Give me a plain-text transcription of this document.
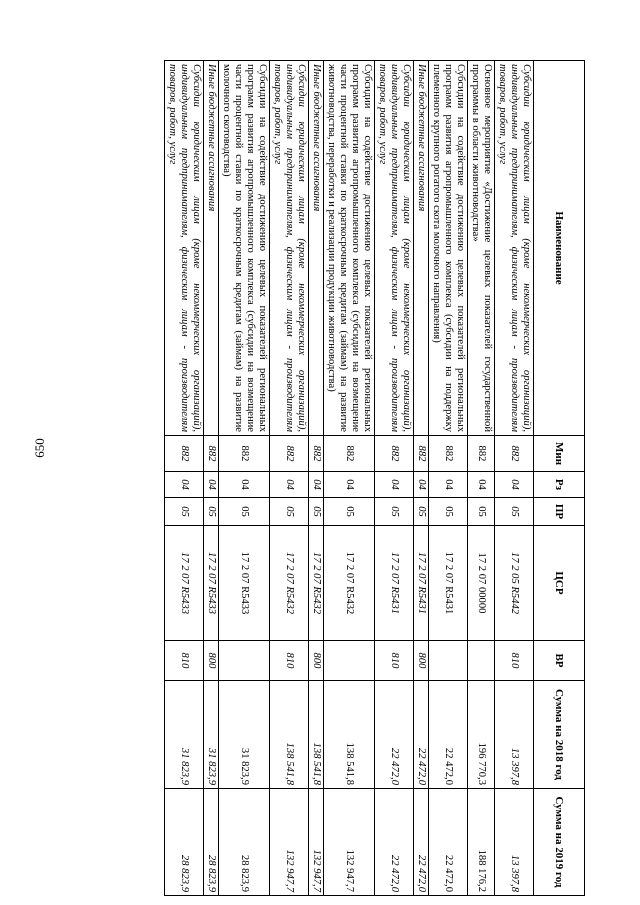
650
Наименование	Мин	Рз	ПР	ЦСР	ВР	Сумма на 2018 год	Сумма на 2019 год
Субсидии юридическим лицам (кроме некоммерческих организаций), индивидуальным предпринимателям, физическим лицам - производителям товаров, работ, услуг	882	04	05	17 2 05 R5442	810	13 397,8	13 397,8
Основное мероприятие «Достижение целевых показателей государственной программы в области животноводства»	882	04	05	17 2 07 00000		196 770,3	188 176,2
Субсидии на содействие достижению целевых показателей региональных программ развития агропромышленного комплекса (субсидии на поддержку племенного крупного рогатого скота молочного направления)	882	04	05	17 2 07 R5431		22 472,0	22 472,0
Иные бюджетные ассигнования	882	04	05	17 2 07 R5431	800	22 472,0	22 472,0
Субсидии юридическим лицам (кроме некоммерческих организаций), индивидуальным предпринимателям, физическим лицам - производителям товаров, работ, услуг	882	04	05	17 2 07 R5431	810	22 472,0	22 472,0
Субсидии на содействие достижению целевых показателей региональных программ развития агропромышленного комплекса (субсидии на возмещение части процентной ставки по краткосрочным кредитам (займам) на развитие животноводства, переработки и реализации продукции животноводства)	882	04	05	17 2 07 R5432		138 541,8	132 947,7
Иные бюджетные ассигнования	882	04	05	17 2 07 R5432	800	138 541,8	132 947,7
Субсидии юридическим лицам (кроме некоммерческих организаций), индивидуальным предпринимателям, физическим лицам - производителям товаров, работ, услуг	882	04	05	17 2 07 R5432	810	138 541,8	132 947,7
Субсидии на содействие достижению целевых показателей региональных программ развития агропромышленного комплекса (субсидии на возмещение части процентной ставки по краткосрочным кредитам (займам) на развитие молочного скотоводства)	882	04	05	17 2 07 R5433		31 823,9	28 823,9
Иные бюджетные ассигнования	882	04	05	17 2 07 R5433	800	31 823,9	28 823,9
Субсидии юридическим лицам (кроме некоммерческих организаций), индивидуальным предпринимателям, физическим лицам - производителям товаров, работ, услуг	882	04	05	17 2 07 R5433	810	31 823,9	28 823,9
